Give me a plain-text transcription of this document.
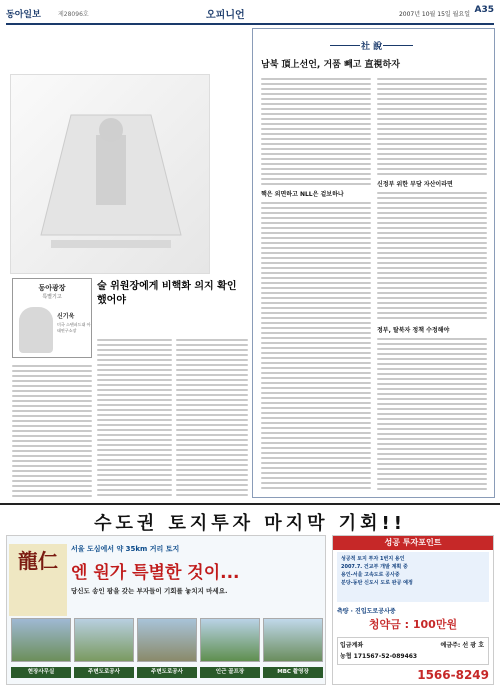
동아일보	제28096호	오피니언	2007년 10월 15일 월요일 A35
술 위원장에게 비핵화 의지 확인했어야
동아광장
특별기고
신기욱
미국 스탠퍼드대 아태연구소장
社 說
남북 頂上선언, 거품 빼고 直視하자
핵은 외면하고 NLL은 겉보하나
신정부 위한 부담 자산이라면
정부, 탈북자 정책 수정해야
수도권 토지투자 마지막 기회!!
龍仁	서울 도심에서 약 35km 거리 토지
엔 원가 특별한 것이...
당신도 송인 팡을 갖는 부자들이 기회를 놓치지 마세요.
현장사무실	주변도로공사	주변도로공사	인근 골프장	MBC 촬영장
성공 투자포인트
성공적 토지 투자 1번지 용인
2007.7. 건교부 개발 계획 중
용인-서울 고속도로 공사중
분당-동탄 신도시 도로 완공 예정
측량 · 진입도로공사중
청약금 : 100만원
입금계좌
농협 171567-52-089463
예금주: 선 광 호
1566-8249
